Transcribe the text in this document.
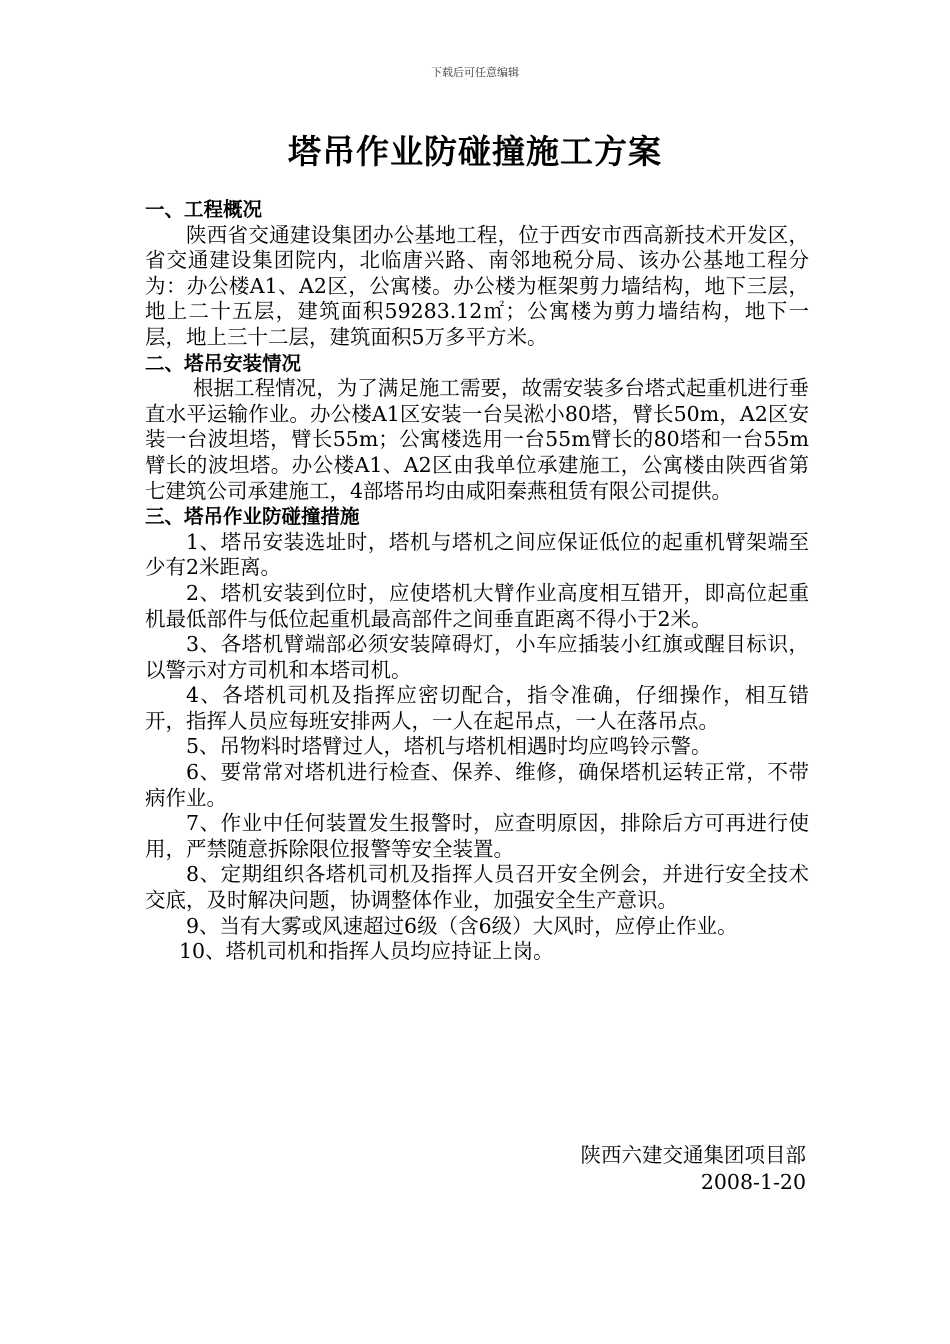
下载后可任意编辑
塔吊作业防碰撞施工方案
一、工程概况
陕西省交通建设集团办公基地工程，位于西安市西高新技术开发区，省交通建设集团院内，北临唐兴路、南邻地税分局、该办公基地工程分为：办公楼A1、A2区，公寓楼。办公楼为框架剪力墙结构，地下三层，地上二十五层，建筑面积59283.12㎡；公寓楼为剪力墙结构，地下一层，地上三十二层，建筑面积5万多平方米。
二、塔吊安装情况
根据工程情况，为了满足施工需要，故需安装多台塔式起重机进行垂直水平运输作业。办公楼A1区安装一台吴淞小80塔，臂长50m，A2区安装一台波坦塔，臂长55m；公寓楼选用一台55m臂长的80塔和一台55m臂长的波坦塔。办公楼A1、A2区由我单位承建施工，公寓楼由陕西省第七建筑公司承建施工，4部塔吊均由咸阳秦燕租赁有限公司提供。
三、塔吊作业防碰撞措施
1、塔吊安装选址时，塔机与塔机之间应保证低位的起重机臂架端至少有2米距离。
2、塔机安装到位时，应使塔机大臂作业高度相互错开，即高位起重机最低部件与低位起重机最高部件之间垂直距离不得小于2米。
3、各塔机臂端部必须安装障碍灯，小车应插装小红旗或醒目标识，以警示对方司机和本塔司机。
4、各塔机司机及指挥应密切配合，指令准确，仔细操作，相互错开，指挥人员应每班安排两人，一人在起吊点，一人在落吊点。
5、吊物料时塔臂过人，塔机与塔机相遇时均应鸣铃示警。
6、要常常对塔机进行检查、保养、维修，确保塔机运转正常，不带病作业。
7、作业中任何装置发生报警时，应查明原因，排除后方可再进行使用，严禁随意拆除限位报警等安全装置。
8、定期组织各塔机司机及指挥人员召开安全例会，并进行安全技术交底，及时解决问题，协调整体作业，加强安全生产意识。
9、当有大雾或风速超过6级（含6级）大风时，应停止作业。
10、塔机司机和指挥人员均应持证上岗。
陕西六建交通集团项目部
2008-1-20
